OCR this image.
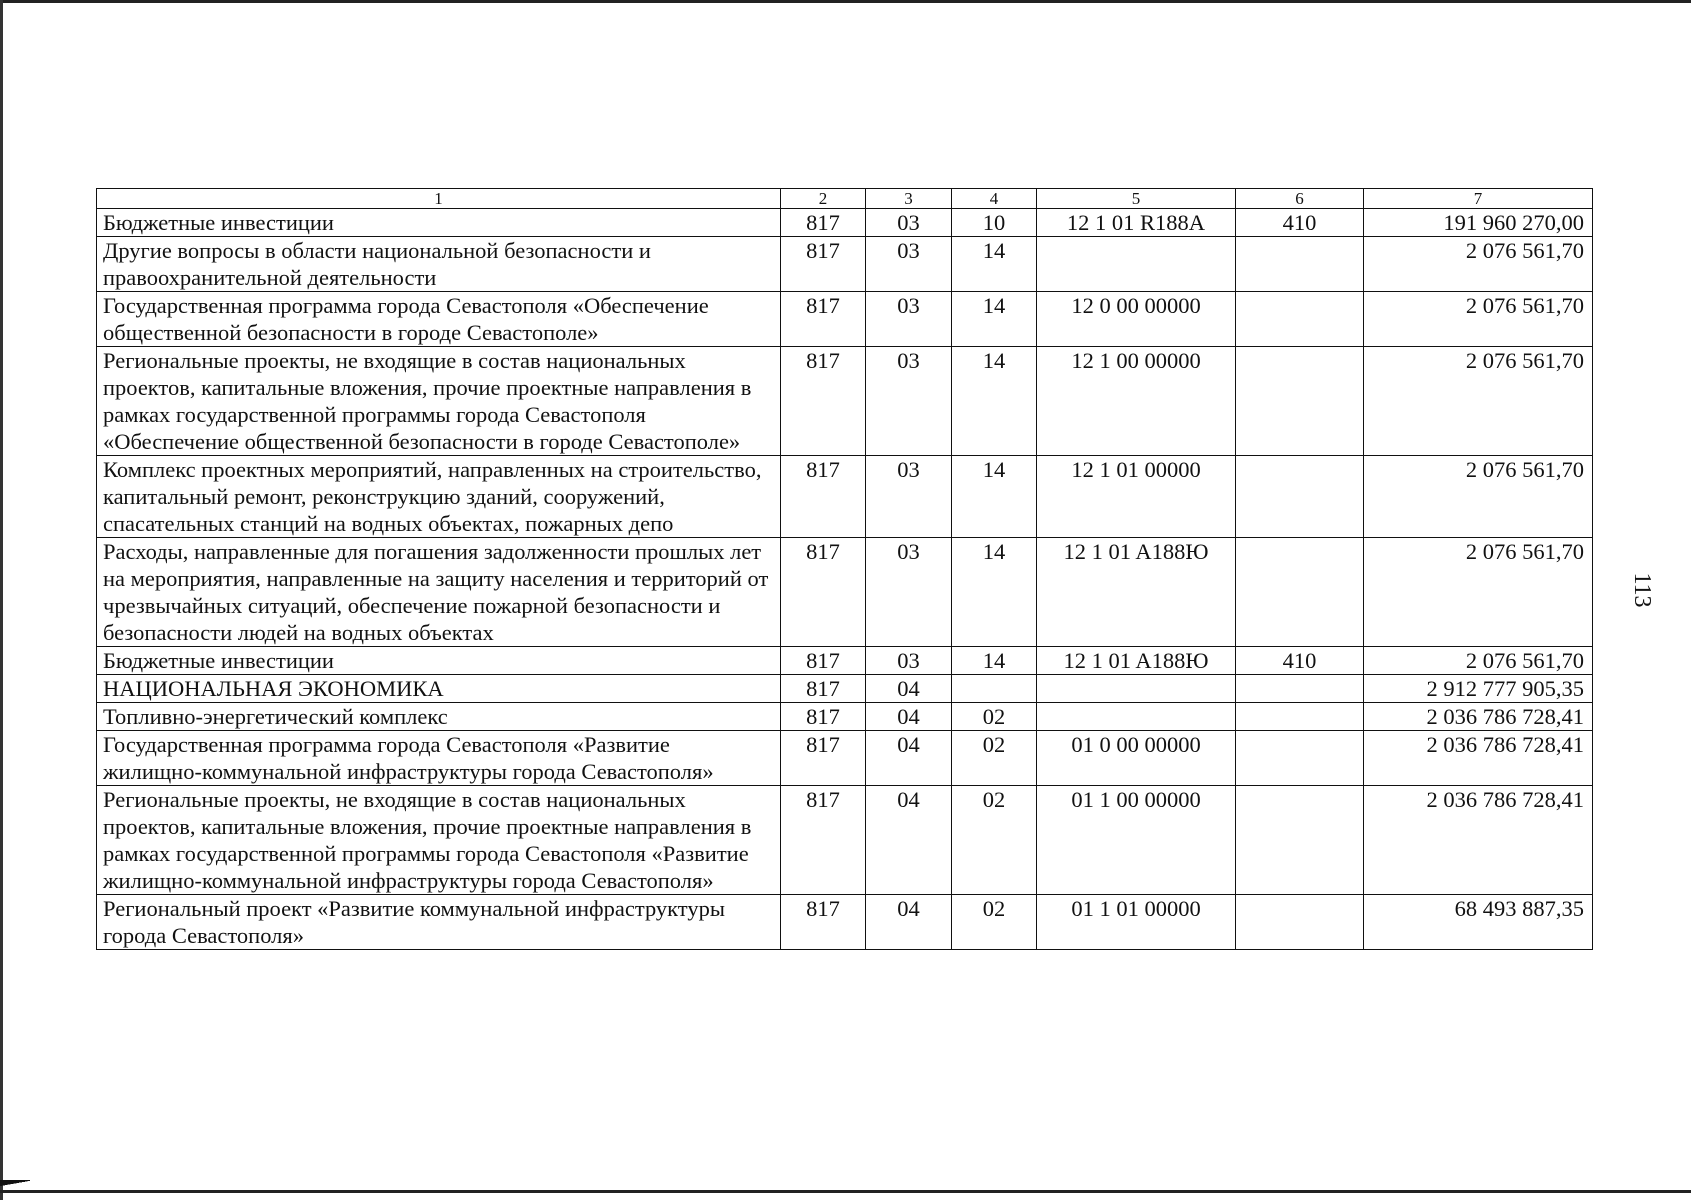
113
1	2	3	4	5	6	7
Бюджетные инвестиции	817	03	10	12 1 01 R188A	410	191 960 270,00
Другие вопросы в области национальной безопасности и правоохранительной деятельности	817	03	14			2 076 561,70
Государственная программа города Севастополя «Обеспечение общественной безопасности в городе Севастополе»	817	03	14	12 0 00 00000		2 076 561,70
Региональные проекты, не входящие в состав национальных проектов, капитальные вложения, прочие проектные направления в рамках государственной программы города Севастополя «Обеспечение общественной безопасности в городе Севастополе»	817	03	14	12 1 00 00000		2 076 561,70
Комплекс проектных мероприятий, направленных на строительство, капитальный ремонт, реконструкцию зданий, сооружений, спасательных станций на водных объектах, пожарных депо	817	03	14	12 1 01 00000		2 076 561,70
Расходы, направленные для погашения задолженности прошлых лет на мероприятия, направленные на защиту населения и территорий от чрезвычайных ситуаций, обеспечение пожарной безопасности и безопасности людей на водных объектах	817	03	14	12 1 01 A188Ю		2 076 561,70
Бюджетные инвестиции	817	03	14	12 1 01 A188Ю	410	2 076 561,70
НАЦИОНАЛЬНАЯ ЭКОНОМИКА	817	04				2 912 777 905,35
Топливно-энергетический комплекс	817	04	02			2 036 786 728,41
Государственная программа города Севастополя «Развитие жилищно-коммунальной инфраструктуры города Севастополя»	817	04	02	01 0 00 00000		2 036 786 728,41
Региональные проекты, не входящие в состав национальных проектов, капитальные вложения, прочие проектные направления в рамках государственной программы города Севастополя «Развитие жилищно-коммунальной инфраструктуры города Севастополя»	817	04	02	01 1 00 00000		2 036 786 728,41
Региональный проект «Развитие коммунальной инфраструктуры города Севастополя»	817	04	02	01 1 01 00000		68 493 887,35
